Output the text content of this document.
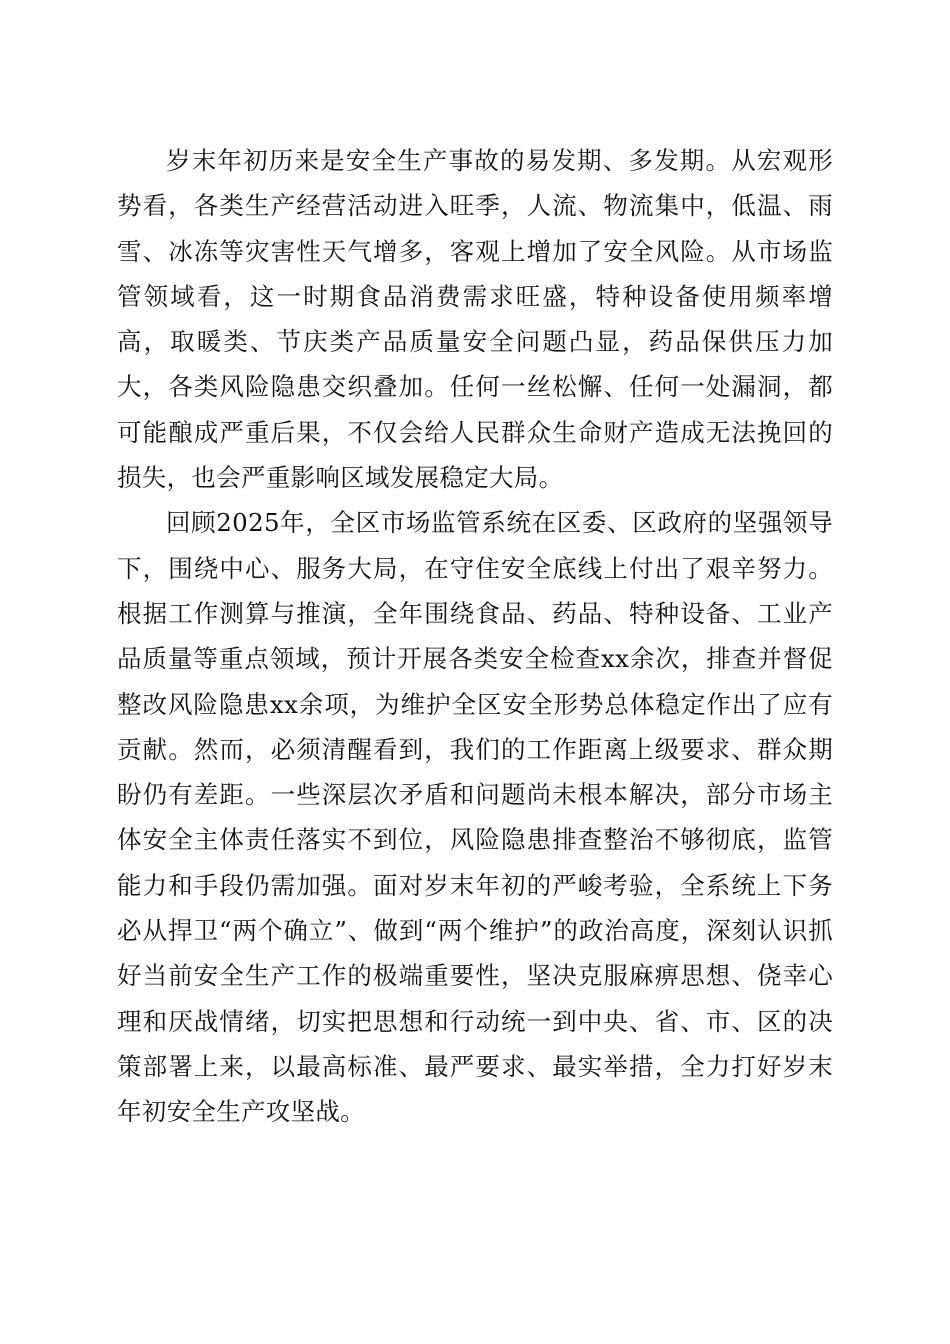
岁末年初历来是安全生产事故的易发期、多发期。从宏观形势看，各类生产经营活动进入旺季，人流、物流集中，低温、雨雪、冰冻等灾害性天气增多，客观上增加了安全风险。从市场监管领域看，这一时期食品消费需求旺盛，特种设备使用频率增高，取暖类、节庆类产品质量安全问题凸显，药品保供压力加大，各类风险隐患交织叠加。任何一丝松懈、任何一处漏洞，都可能酿成严重后果，不仅会给人民群众生命财产造成无法挽回的损失，也会严重影响区域发展稳定大局。

回顾2025年，全区市场监管系统在区委、区政府的坚强领导下，围绕中心、服务大局，在守住安全底线上付出了艰辛努力。根据工作测算与推演，全年围绕食品、药品、特种设备、工业产品质量等重点领域，预计开展各类安全检查xx余次，排查并督促整改风险隐患xx余项，为维护全区安全形势总体稳定作出了应有贡献。然而，必须清醒看到，我们的工作距离上级要求、群众期盼仍有差距。一些深层次矛盾和问题尚未根本解决，部分市场主体安全主体责任落实不到位，风险隐患排查整治不够彻底，监管能力和手段仍需加强。面对岁末年初的严峻考验，全系统上下务必从捍卫“两个确立”、做到“两个维护”的政治高度，深刻认识抓好当前安全生产工作的极端重要性，坚决克服麻痹思想、侥幸心理和厌战情绪，切实把思想和行动统一到中央、省、市、区的决策部署上来，以最高标准、最严要求、最实举措，全力打好岁末年初安全生产攻坚战。
